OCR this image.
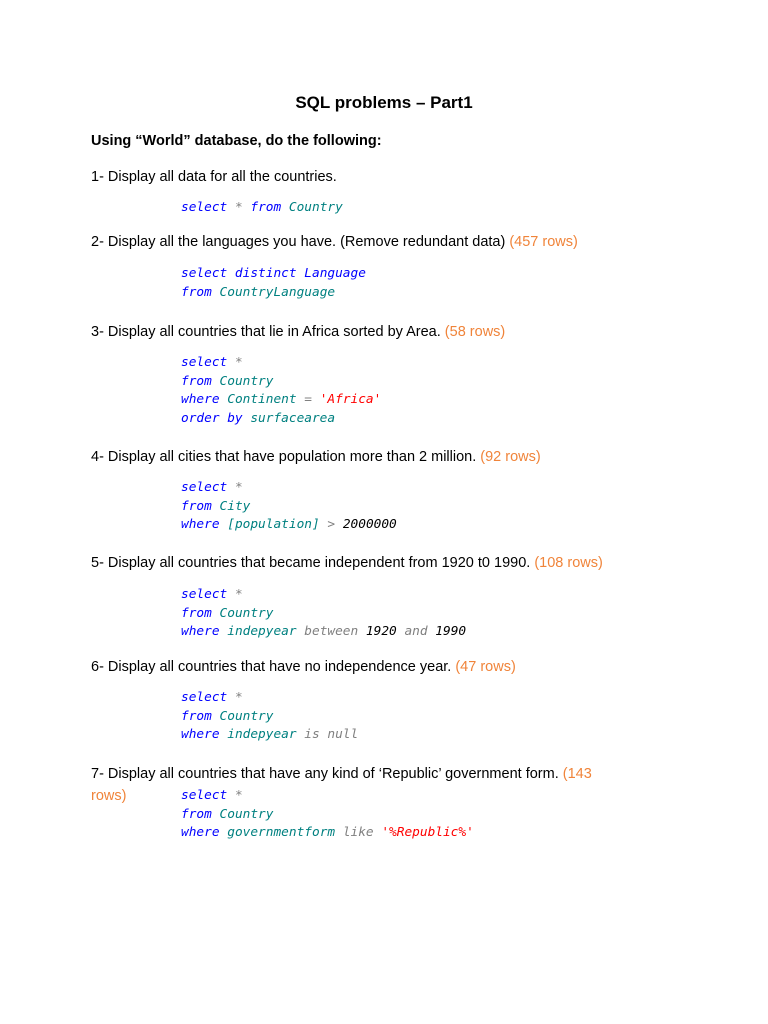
SQL problems – Part1
Using “World” database, do the following:
1- Display all data for all the countries.
select * from Country
2- Display all the languages you have. (Remove redundant data) (457 rows)
select distinct Language
from CountryLanguage
3- Display all countries that lie in Africa sorted by Area. (58 rows)
select *
from Country
where Continent = 'Africa'
order by surfacearea
4- Display all cities that have population more than 2 million. (92 rows)
select *
from City
where [population] > 2000000
5- Display all countries that became independent from 1920 t0 1990. (108 rows)
select *
from Country
where indepyear between 1920 and 1990
6- Display all countries that have no independence year. (47 rows)
select *
from Country
where indepyear is null
7- Display all countries that have any kind of ‘Republic’ government form. (143
rows)	select *
from Country
where governmentform like '%Republic%'
